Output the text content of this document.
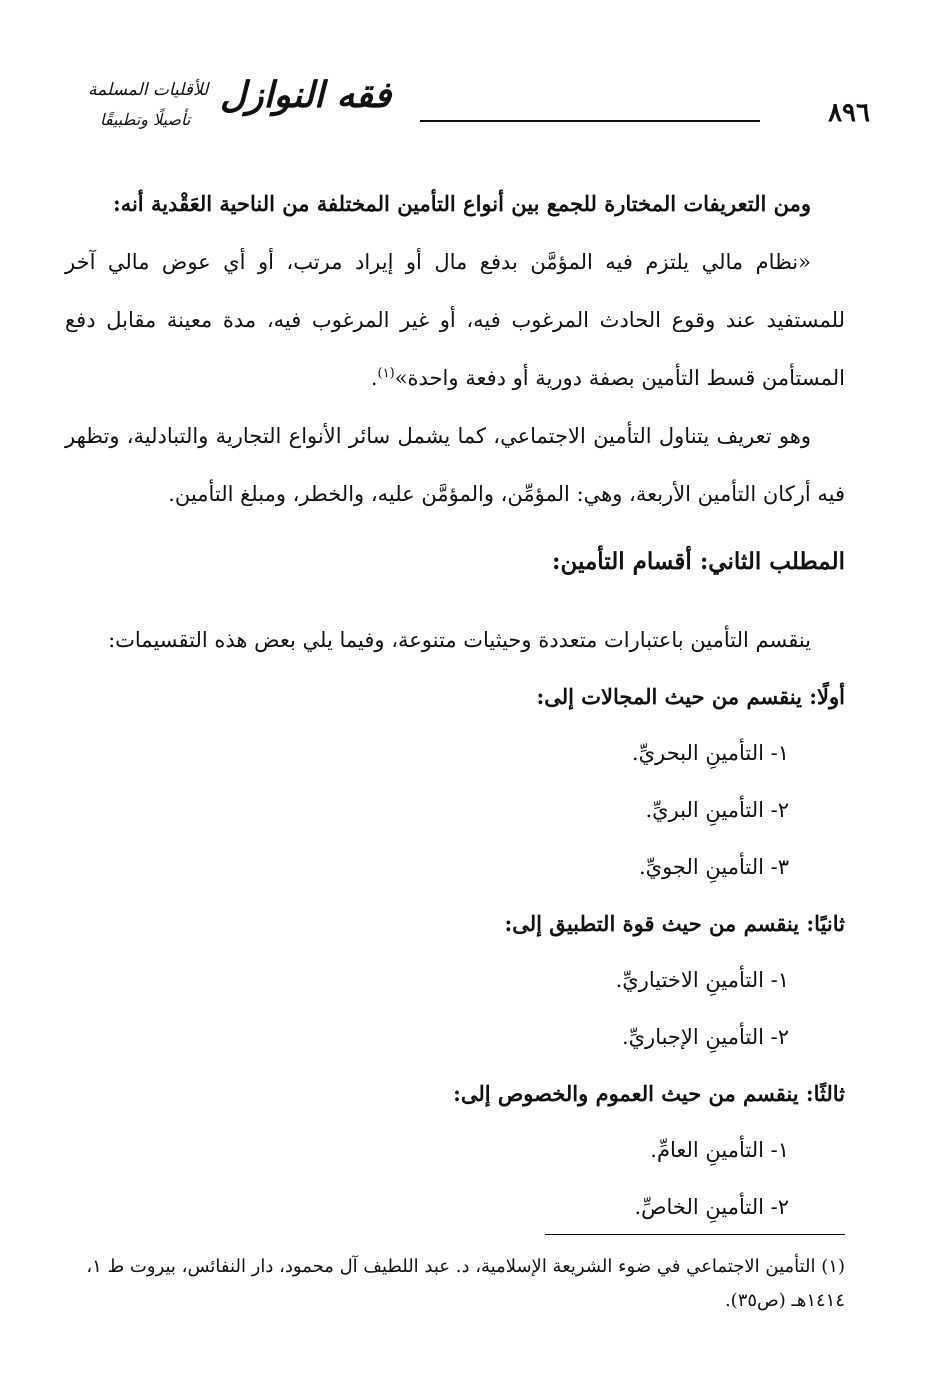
٨٩٦
فقه النوازل
للأقليات المسلمة
تأصيلًا وتطبيقًا

ومن التعريفات المختارة للجمع بين أنواع التأمين المختلفة من الناحية العَقْدية أنه:

«نظام مالي يلتزم فيه المؤمَّن بدفع مال أو إيراد مرتب، أو أي عوض مالي آخر للمستفيد عند وقوع الحادث المرغوب فيه، أو غير المرغوب فيه، مدة معينة مقابل دفع المستأمن قسط التأمين بصفة دورية أو دفعة واحدة»$^{(١)}$.

وهو تعريف يتناول التأمين الاجتماعي، كما يشمل سائر الأنواع التجارية والتبادلية، وتظهر فيه أركان التأمين الأربعة، وهي: المؤمِّن، والمؤمَّن عليه، والخطر، ومبلغ التأمين.

المطلب الثاني: أقسام التأمين:

ينقسم التأمين باعتبارات متعددة وحيثيات متنوعة، وفيما يلي بعض هذه التقسيمات:

أولًا: ينقسم من حيث المجالات إلى:

١- التأمينِ البحريِّ.

٢- التأمينِ البريِّ.

٣- التأمينِ الجويِّ.

ثانيًا: ينقسم من حيث قوة التطبيق إلى:

١- التأمينِ الاختياريِّ.

٢- التأمينِ الإجباريِّ.

ثالثًا: ينقسم من حيث العموم والخصوص إلى:

١- التأمينِ العامِّ.

٢- التأمينِ الخاصِّ.

(١) التأمين الاجتماعي في ضوء الشريعة الإسلامية، د. عبد اللطيف آل محمود، دار النفائس، بيروت ط ١،

١٤١٤هـ (ص٣٥).
